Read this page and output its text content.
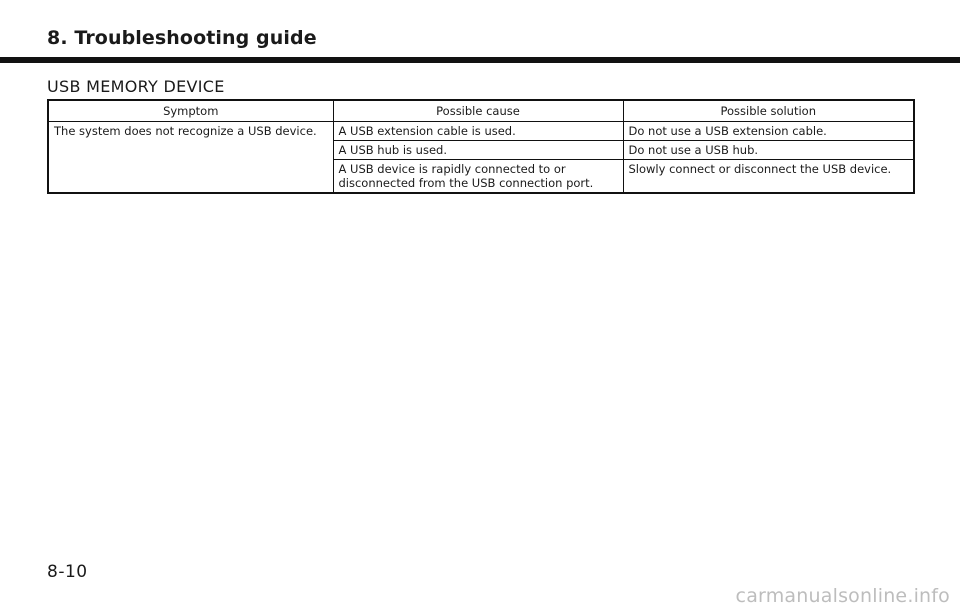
8. Troubleshooting guide
USB MEMORY DEVICE
Symptom	Possible cause	Possible solution
The system does not recognize a USB device.	A USB extension cable is used.	Do not use a USB extension cable.
	A USB hub is used.	Do not use a USB hub.
	A USB device is rapidly connected to or disconnected from the USB connection port.	Slowly connect or disconnect the USB device.
8-10
carmanualsonline.info
